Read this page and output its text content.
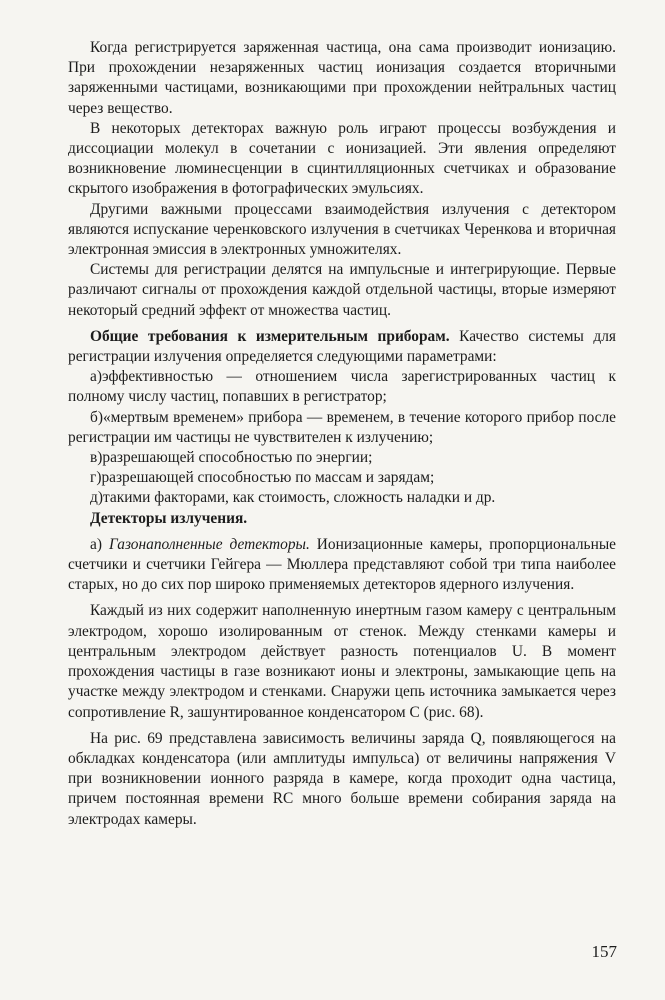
Когда регистрируется заряженная частица, она сама производит ионизацию. При прохождении незаряженных частиц ионизация создается вторичными заряженными частицами, возникающими при прохождении нейтральных частиц через вещество.

В некоторых детекторах важную роль играют процессы возбуждения и диссоциации молекул в сочетании с ионизацией. Эти явления определяют возникновение люминесценции в сцинтилляционных счетчиках и образование скрытого изображения в фотографических эмульсиях.

Другими важными процессами взаимодействия излучения с детектором являются испускание черенковского излучения в счетчиках Черенкова и вторичная электронная эмиссия в электронных умножителях.

Системы для регистрации делятся на импульсные и интегрирующие. Первые различают сигналы от прохождения каждой отдельной частицы, вторые измеряют некоторый средний эффект от множества частиц.

Общие требования к измерительным приборам. Качество системы для регистрации излучения определяется следующими параметрами:

а)эффективностью — отношением числа зарегистрированных частиц к полному числу частиц, попавших в регистратор;

б)«мертвым временем» прибора — временем, в течение которого прибор после регистрации им частицы не чувствителен к излучению;

в)разрешающей способностью по энергии;

г)разрешающей способностью по массам и зарядам;

д)такими факторами, как стоимость, сложность наладки и др.

Детекторы излучения.

а) Газонаполненные детекторы. Ионизационные камеры, пропорциональные счетчики и счетчики Гейгера — Мюллера представляют собой три типа наиболее старых, но до сих пор широко применяемых детекторов ядерного излучения.

Каждый из них содержит наполненную инертным газом камеру с центральным электродом, хорошо изолированным от стенок. Между стенками камеры и центральным электродом действует разность потенциалов U. В момент прохождения частицы в газе возникают ионы и электроны, замыкающие цепь на участке между электродом и стенками. Снаружи цепь источника замыкается через сопротивление R, зашунтированное конденсатором C (рис. 68).

На рис. 69 представлена зависимость величины заряда Q, появляющегося на обкладках конденсатора (или амплитуды импульса) от величины напряжения V при возникновении ионного разряда в камере, когда проходит одна частица, причем постоянная времени RC много больше времени собирания заряда на электродах камеры.

157
